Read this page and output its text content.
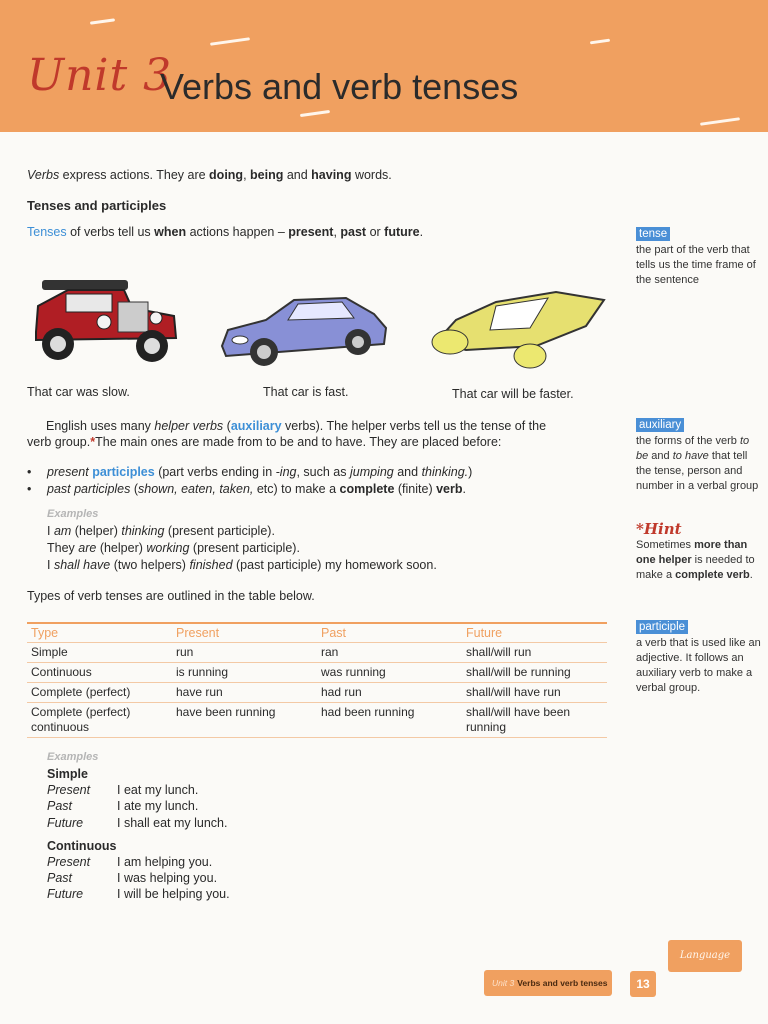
Unit 3
Verbs and verb tenses
Verbs express actions. They are doing, being and having words.
Tenses and participles
Tenses of verbs tell us when actions happen – present, past or future.
That car was slow.	That car is fast.	That car will be faster.
English uses many helper verbs (auxiliary verbs). The helper verbs tell us the tense of the
verb group.*The main ones are made from to be and to have. They are placed before:
• present participles (part verbs ending in -ing, such as jumping and thinking.)
• past participles (shown, eaten, taken, etc) to make a complete (finite) verb.
Examples
I am (helper) thinking (present participle).
They are (helper) working (present participle).
I shall have (two helpers) finished (past participle) my homework soon.
Types of verb tenses are outlined in the table below.
Type	Present	Past	Future
Simple	run	ran	shall/will run
Continuous	is running	was running	shall/will be running
Complete (perfect)	have run	had run	shall/will have run
Complete (perfect) continuous	have been running	had been running	shall/will have been running
Examples
Simple
Present I eat my lunch.
Past	I ate my lunch.
Future	I shall eat my lunch.
Continuous
Present I am helping you.
Past	I was helping you.
Future	I will be helping you.
tense
the part of the verb that tells us the time frame of the sentence
auxiliary
the forms of the verb to be and to have that tell the tense, person and number in a verbal group
*Hint
Sometimes more than one helper is needed to make a complete verb.
participle
a verb that is used like an adjective. It follows an auxiliary verb to make a verbal group.
Language
Unit 3 Verbs and verb tenses	13
